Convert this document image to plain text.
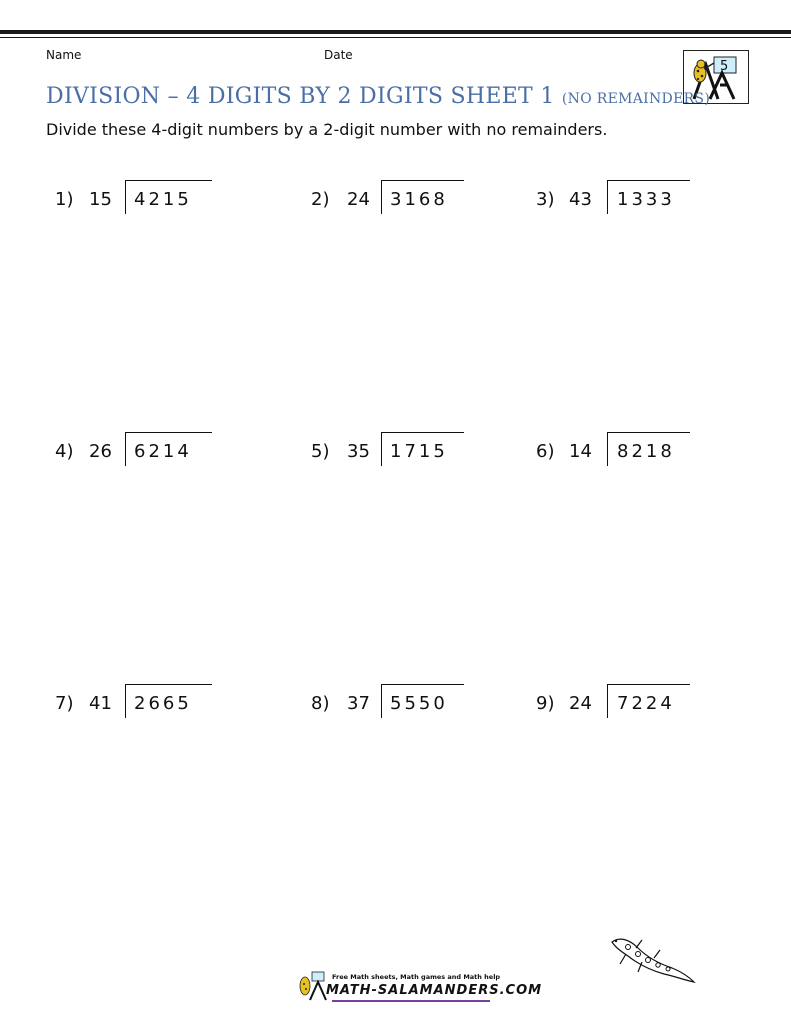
Name	Date
5
DIVISION – 4 DIGITS BY 2 DIGITS SHEET 1 (NO REMAINDERS)
Divide these 4-digit numbers by a 2-digit number with no remainders.
1) 15 4215	2) 24 3168	3) 43 1333
4) 26 6214	5) 35 1715	6) 14 8218
7) 41 2665	8) 37 5550	9) 24 7224
Free Math sheets, Math games and Math help
MATH-SALAMANDERS.COM
